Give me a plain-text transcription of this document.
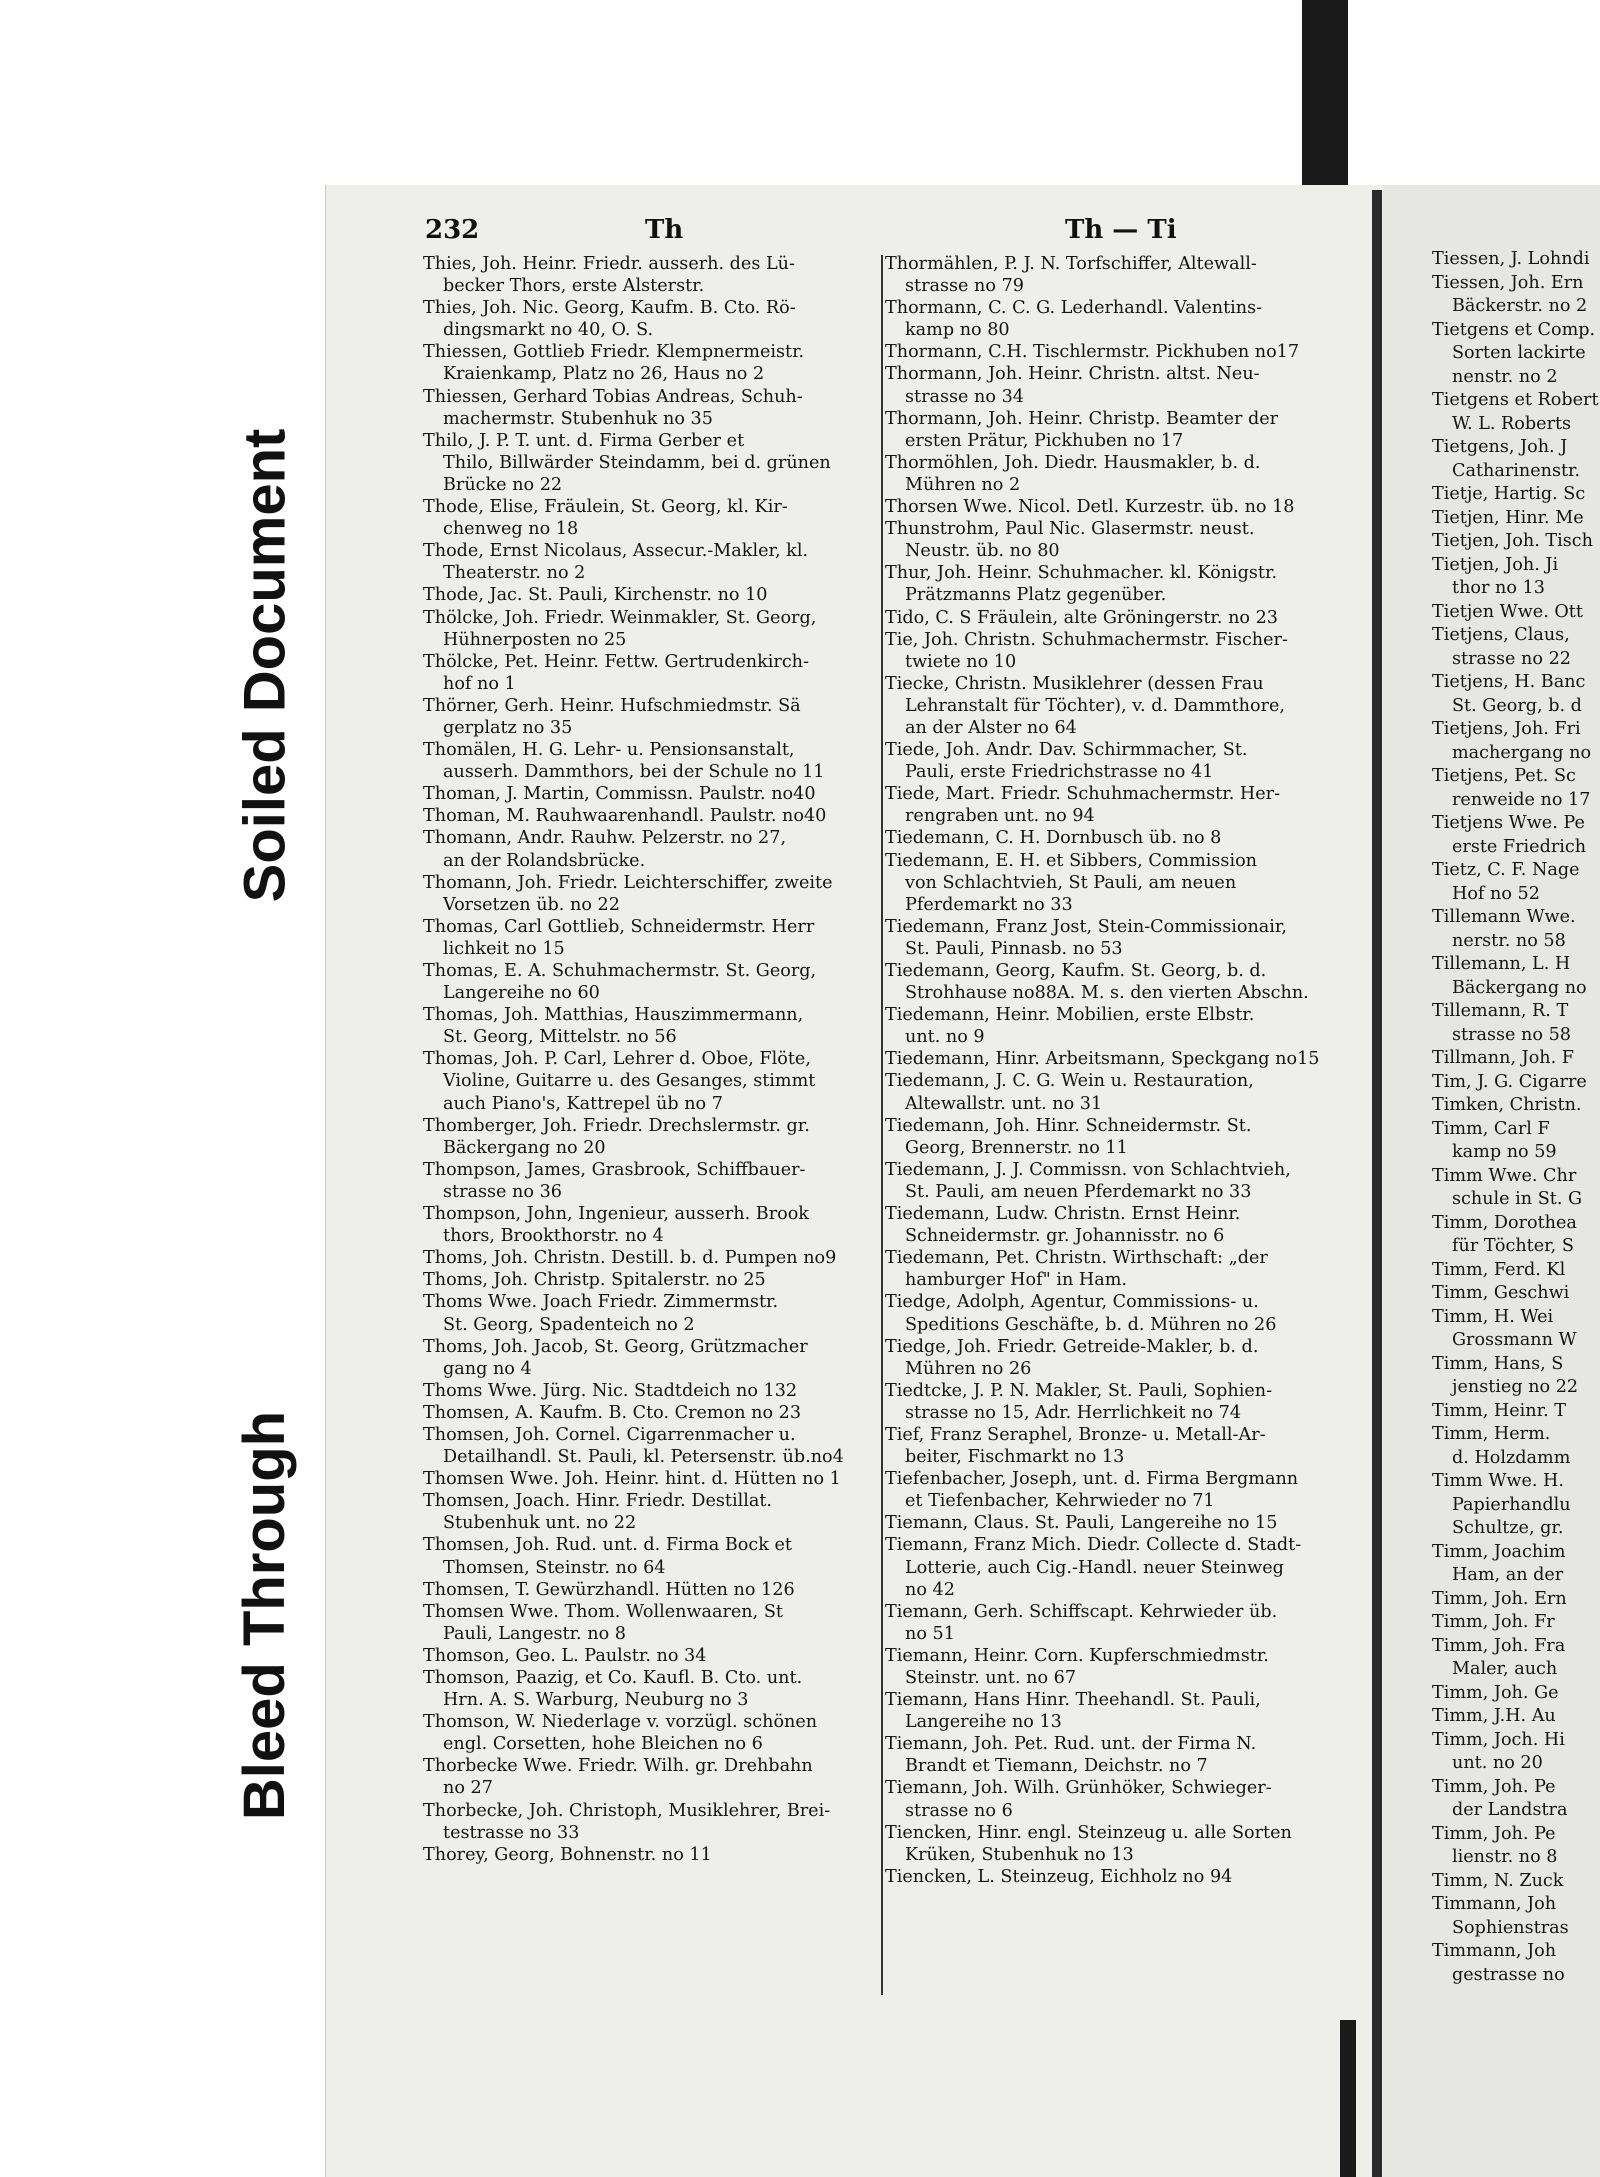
Soiled Document
Bleed Through
232	Th	Th — Ti
Thies, Joh. Heinr. Friedr. ausserh. des Lü-
becker Thors, erste Alsterstr.
Thies, Joh. Nic. Georg, Kaufm. B. Cto. Rö-
dingsmarkt no 40, O. S.
Thiessen, Gottlieb Friedr. Klempnermeistr.
Kraienkamp, Platz no 26, Haus no 2
Thiessen, Gerhard Tobias Andreas, Schuh-
machermstr. Stubenhuk no 35
Thilo, J. P. T. unt. d. Firma Gerber et
Thilo, Billwärder Steindamm, bei d. grünen
Brücke no 22
Thode, Elise, Fräulein, St. Georg, kl. Kir-
chenweg no 18
Thode, Ernst Nicolaus, Assecur.-Makler, kl.
Theaterstr. no 2
Thode, Jac. St. Pauli, Kirchenstr. no 10
Thölcke, Joh. Friedr. Weinmakler, St. Georg,
Hühnerposten no 25
Thölcke, Pet. Heinr. Fettw. Gertrudenkirch-
hof no 1
Thörner, Gerh. Heinr. Hufschmiedmstr. Sä
gerplatz no 35
Thomälen, H. G. Lehr- u. Pensionsanstalt,
ausserh. Dammthors, bei der Schule no 11
Thoman, J. Martin, Commissn. Paulstr. no40
Thoman, M. Rauhwaarenhandl. Paulstr. no40
Thomann, Andr. Rauhw. Pelzerstr. no 27,
an der Rolandsbrücke.
Thomann, Joh. Friedr. Leichterschiffer, zweite
Vorsetzen üb. no 22
Thomas, Carl Gottlieb, Schneidermstr. Herr
lichkeit no 15
Thomas, E. A. Schuhmachermstr. St. Georg,
Langereihe no 60
Thomas, Joh. Matthias, Hauszimmermann,
St. Georg, Mittelstr. no 56
Thomas, Joh. P. Carl, Lehrer d. Oboe, Flöte,
Violine, Guitarre u. des Gesanges, stimmt
auch Piano's, Kattrepel üb no 7
Thomberger, Joh. Friedr. Drechslermstr. gr.
Bäckergang no 20
Thompson, James, Grasbrook, Schiffbauer-
strasse no 36
Thompson, John, Ingenieur, ausserh. Brook
thors, Brookthorstr. no 4
Thoms, Joh. Christn. Destill. b. d. Pumpen no9
Thoms, Joh. Christp. Spitalerstr. no 25
Thoms Wwe. Joach Friedr. Zimmermstr.
St. Georg, Spadenteich no 2
Thoms, Joh. Jacob, St. Georg, Grützmacher
gang no 4
Thoms Wwe. Jürg. Nic. Stadtdeich no 132
Thomsen, A. Kaufm. B. Cto. Cremon no 23
Thomsen, Joh. Cornel. Cigarrenmacher u.
Detailhandl. St. Pauli, kl. Petersenstr. üb.no4
Thomsen Wwe. Joh. Heinr. hint. d. Hütten no 1
Thomsen, Joach. Hinr. Friedr. Destillat.
Stubenhuk unt. no 22
Thomsen, Joh. Rud. unt. d. Firma Bock et
Thomsen, Steinstr. no 64
Thomsen, T. Gewürzhandl. Hütten no 126
Thomsen Wwe. Thom. Wollenwaaren, St
Pauli, Langestr. no 8
Thomson, Geo. L. Paulstr. no 34
Thomson, Paazig, et Co. Kaufl. B. Cto. unt.
Hrn. A. S. Warburg, Neuburg no 3
Thomson, W. Niederlage v. vorzügl. schönen
engl. Corsetten, hohe Bleichen no 6
Thorbecke Wwe. Friedr. Wilh. gr. Drehbahn
no 27
Thorbecke, Joh. Christoph, Musiklehrer, Brei-
testrasse no 33
Thorey, Georg, Bohnenstr. no 11
Thormählen, P. J. N. Torfschiffer, Altewall-
strasse no 79
Thormann, C. C. G. Lederhandl. Valentins-
kamp no 80
Thormann, C.H. Tischlermstr. Pickhuben no17
Thormann, Joh. Heinr. Christn. altst. Neu-
strasse no 34
Thormann, Joh. Heinr. Christp. Beamter der
ersten Prätur, Pickhuben no 17
Thormöhlen, Joh. Diedr. Hausmakler, b. d.
Mühren no 2
Thorsen Wwe. Nicol. Detl. Kurzestr. üb. no 18
Thunstrohm, Paul Nic. Glasermstr. neust.
Neustr. üb. no 80
Thur, Joh. Heinr. Schuhmacher. kl. Königstr.
Prätzmanns Platz gegenüber.
Tido, C. S Fräulein, alte Gröningerstr. no 23
Tie, Joh. Christn. Schuhmachermstr. Fischer-
twiete no 10
Tiecke, Christn. Musiklehrer (dessen Frau
Lehranstalt für Töchter), v. d. Dammthore,
an der Alster no 64
Tiede, Joh. Andr. Dav. Schirmmacher, St.
Pauli, erste Friedrichstrasse no 41
Tiede, Mart. Friedr. Schuhmachermstr. Her-
rengraben unt. no 94
Tiedemann, C. H. Dornbusch üb. no 8
Tiedemann, E. H. et Sibbers, Commission
von Schlachtvieh, St Pauli, am neuen
Pferdemarkt no 33
Tiedemann, Franz Jost, Stein-Commissionair,
St. Pauli, Pinnasb. no 53
Tiedemann, Georg, Kaufm. St. Georg, b. d.
Strohhause no88A. M. s. den vierten Abschn.
Tiedemann, Heinr. Mobilien, erste Elbstr.
unt. no 9
Tiedemann, Hinr. Arbeitsmann, Speckgang no15
Tiedemann, J. C. G. Wein u. Restauration,
Altewallstr. unt. no 31
Tiedemann, Joh. Hinr. Schneidermstr. St.
Georg, Brennerstr. no 11
Tiedemann, J. J. Commissn. von Schlachtvieh,
St. Pauli, am neuen Pferdemarkt no 33
Tiedemann, Ludw. Christn. Ernst Heinr.
Schneidermstr. gr. Johannisstr. no 6
Tiedemann, Pet. Christn. Wirthschaft: „der
hamburger Hof" in Ham.
Tiedge, Adolph, Agentur, Commissions- u.
Speditions Geschäfte, b. d. Mühren no 26
Tiedge, Joh. Friedr. Getreide-Makler, b. d.
Mühren no 26
Tiedtcke, J. P. N. Makler, St. Pauli, Sophien-
strasse no 15, Adr. Herrlichkeit no 74
Tief, Franz Seraphel, Bronze- u. Metall-Ar-
beiter, Fischmarkt no 13
Tiefenbacher, Joseph, unt. d. Firma Bergmann
et Tiefenbacher, Kehrwieder no 71
Tiemann, Claus. St. Pauli, Langereihe no 15
Tiemann, Franz Mich. Diedr. Collecte d. Stadt-
Lotterie, auch Cig.-Handl. neuer Steinweg
no 42
Tiemann, Gerh. Schiffscapt. Kehrwieder üb.
no 51
Tiemann, Heinr. Corn. Kupferschmiedmstr.
Steinstr. unt. no 67
Tiemann, Hans Hinr. Theehandl. St. Pauli,
Langereihe no 13
Tiemann, Joh. Pet. Rud. unt. der Firma N.
Brandt et Tiemann, Deichstr. no 7
Tiemann, Joh. Wilh. Grünhöker, Schwieger-
strasse no 6
Tiencken, Hinr. engl. Steinzeug u. alle Sorten
Krüken, Stubenhuk no 13
Tiencken, L. Steinzeug, Eichholz no 94
Tiessen, J. Lohndi
Tiessen, Joh. Ern
Bäckerstr. no 2
Tietgens et Comp.
Sorten lackirte
nenstr. no 2
Tietgens et Robert
W. L. Roberts
Tietgens, Joh. J
Catharinenstr.
Tietje, Hartig. Sc
Tietjen, Hinr. Me
Tietjen, Joh. Tisch
Tietjen, Joh. Ji
thor no 13
Tietjen Wwe. Ott
Tietjens, Claus,
strasse no 22
Tietjens, H. Banc
St. Georg, b. d
Tietjens, Joh. Fri
machergang no
Tietjens, Pet. Sc
renweide no 17
Tietjens Wwe. Pe
erste Friedrich
Tietz, C. F. Nage
Hof no 52
Tillemann Wwe.
nerstr. no 58
Tillemann, L. H
Bäckergang no
Tillemann, R. T
strasse no 58
Tillmann, Joh. F
Tim, J. G. Cigarre
Timken, Christn.
Timm, Carl F
kamp no 59
Timm Wwe. Chr
schule in St. G
Timm, Dorothea
für Töchter, S
Timm, Ferd. Kl
Timm, Geschwi
Timm, H. Wei
Grossmann W
Timm, Hans, S
jenstieg no 22
Timm, Heinr. T
Timm, Herm.
d. Holzdamm
Timm Wwe. H.
Papierhandlu
Schultze, gr.
Timm, Joachim
Ham, an der
Timm, Joh. Ern
Timm, Joh. Fr
Timm, Joh. Fra
Maler, auch
Timm, Joh. Ge
Timm, J.H. Au
Timm, Joch. Hi
unt. no 20
Timm, Joh. Pe
der Landstra
Timm, Joh. Pe
lienstr. no 8
Timm, N. Zuck
Timmann, Joh
Sophienstras
Timmann, Joh
gestrasse no
